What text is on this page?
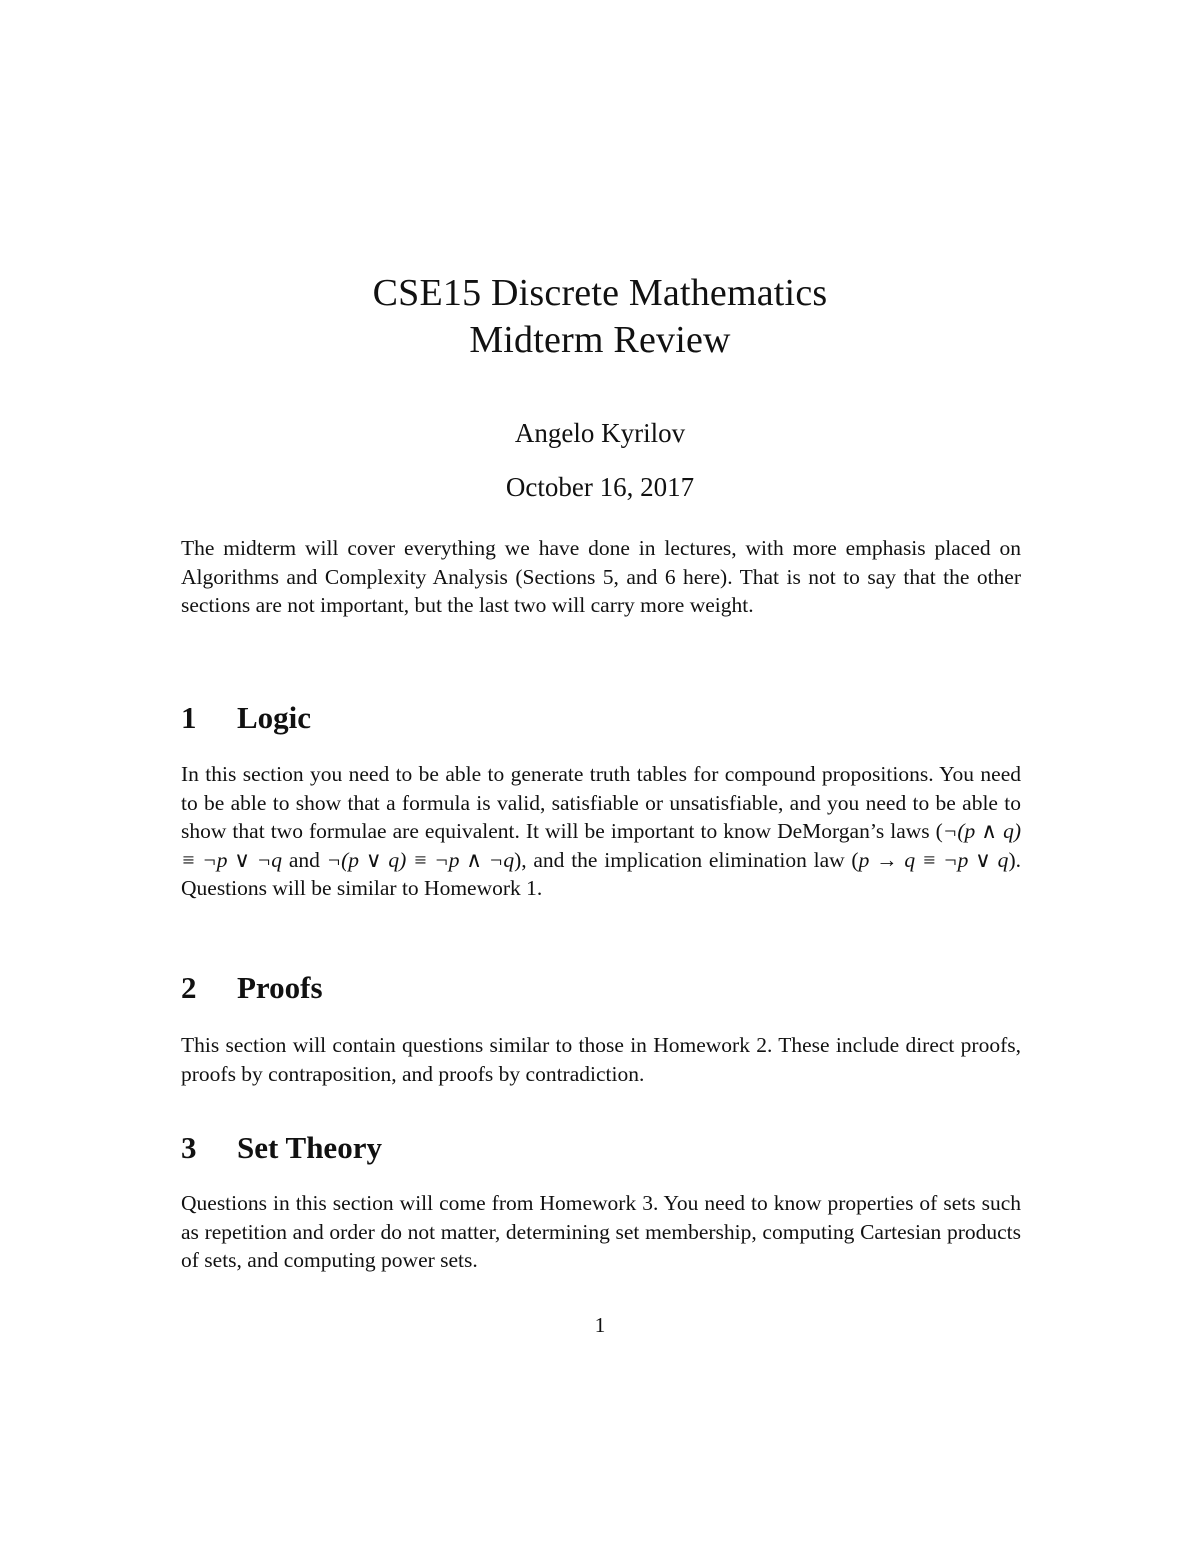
CSE15 Discrete Mathematics
Midterm Review
Angelo Kyrilov
October 16, 2017

The midterm will cover everything we have done in lectures, with more emphasis placed on Algorithms and Complexity Analysis (Sections 5, and 6 here). That is not to say that the other sections are not important, but the last two will carry more weight.

1 Logic

In this section you need to be able to generate truth tables for compound propositions. You need to be able to show that a formula is valid, satisfiable or unsatisfiable, and you need to be able to show that two formulae are equivalent. It will be important to know DeMorgan’s laws (¬(p ∧ q) ≡ ¬p ∨ ¬q and ¬(p ∨ q) ≡ ¬p ∧ ¬q), and the implication elimination law (p → q ≡ ¬p ∨ q). Questions will be similar to Homework 1.

2 Proofs

This section will contain questions similar to those in Homework 2. These include direct proofs, proofs by contraposition, and proofs by contradiction.

3 Set Theory

Questions in this section will come from Homework 3. You need to know properties of sets such as repetition and order do not matter, determining set membership, computing Cartesian products of sets, and computing power sets.

1
